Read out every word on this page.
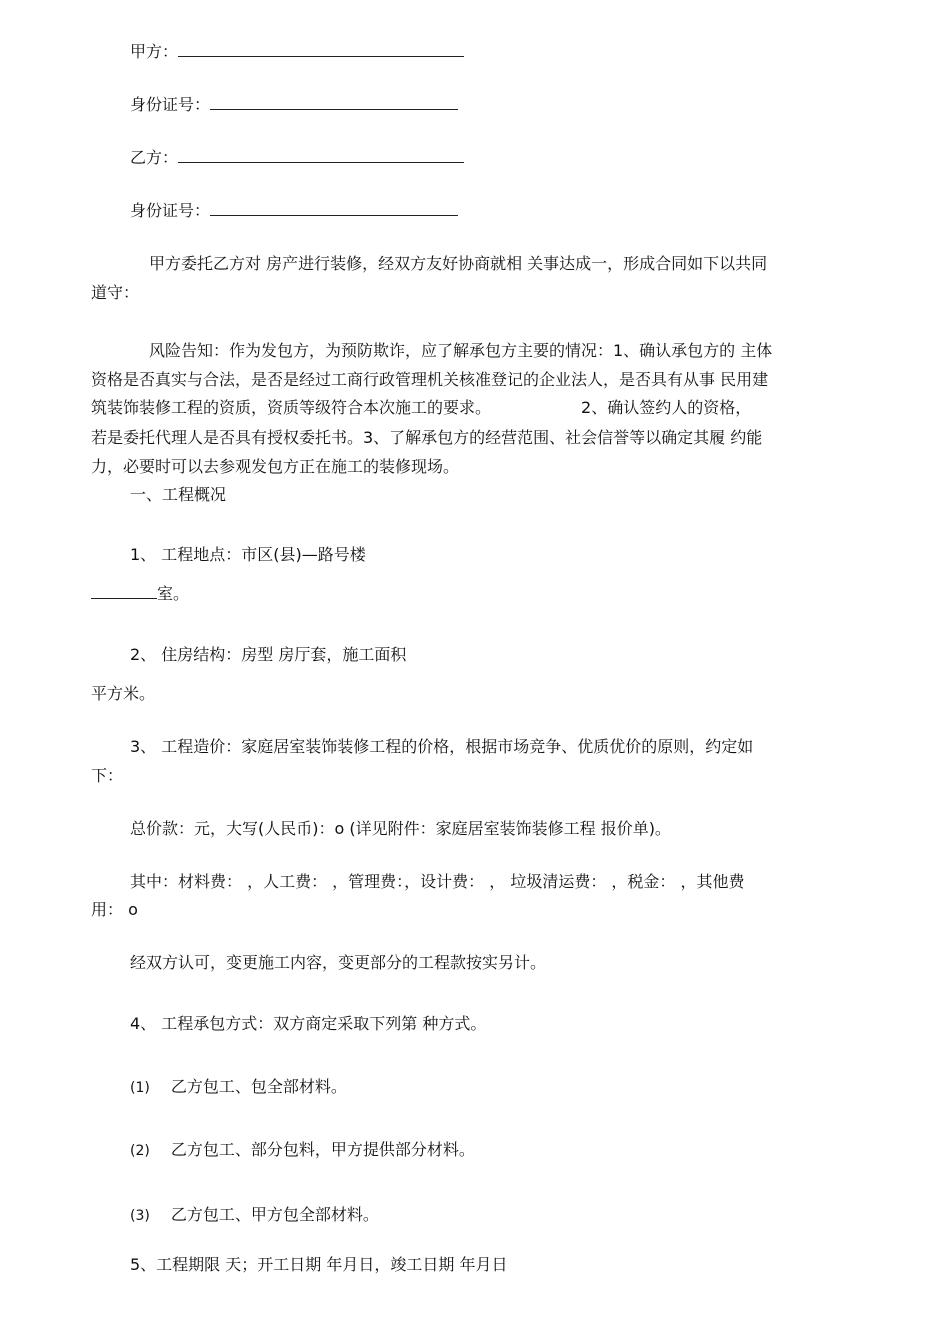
甲方：
身份证号：
乙方：
身份证号：
甲方委托乙方对 房产进行装修，经双方友好协商就相 关事达成一，形成合同如下以共同
道守：
风险告知：作为发包方，为预防欺诈，应了解承包方主要的情况：1、确认承包方的 主体
资格是否真实与合法，是否是经过工商行政管理机关核准登记的企业法人，是否具有从事 民用建
筑装饰装修工程的资质，资质等级符合本次施工的要求。	2、确认签约人的资格，
若是委托代理人是否具有授权委托书。3、了解承包方的经营范围、社会信誉等以确定其履 约能
力，必要时可以去参观发包方正在施工的装修现场。
一、工程概况
1、 工程地点：市区(县)—路号楼
室。
2、 住房结构：房型 房厅套，施工面积
平方米。
3、 工程造价：家庭居室装饰装修工程的价格，根据市场竞争、优质优价的原则，约定如
下：
总价款：元，大写(人民币)：o (详见附件：家庭居室装饰装修工程 报价单)。
其中：材料费： ，人工费： ，管理费：，设计费： ， 垃圾清运费： ，税金： ，其他费
用： o
经双方认可，变更施工内容，变更部分的工程款按实另计。
4、 工程承包方式：双方商定采取下列第 种方式。
(1) 乙方包工、包全部材料。
(2) 乙方包工、部分包料，甲方提供部分材料。
(3) 乙方包工、甲方包全部材料。
5、工程期限 天；开工日期 年月日，竣工日期 年月日
